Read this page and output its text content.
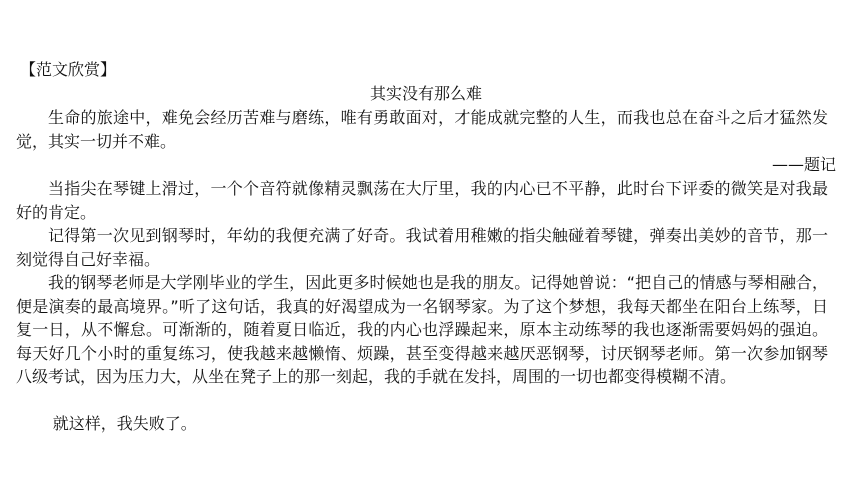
【范文欣赏】
其实没有那么难

生命的旅途中，难免会经历苦难与磨练，唯有勇敢面对，才能成就完整的人生，而我也总在奋斗之后才猛然发觉，其实一切并不难。

——题记

当指尖在琴键上滑过，一个个音符就像精灵飘荡在大厅里，我的内心已不平静，此时台下评委的微笑是对我最好的肯定。

记得第一次见到钢琴时，年幼的我便充满了好奇。我试着用稚嫩的指尖触碰着琴键，弹奏出美妙的音节，那一刻觉得自己好幸福。

我的钢琴老师是大学刚毕业的学生，因此更多时候她也是我的朋友。记得她曾说：“把自己的情感与琴相融合，便是演奏的最高境界。”听了这句话，我真的好渴望成为一名钢琴家。为了这个梦想，我每天都坐在阳台上练琴，日复一日，从不懈怠。可渐渐的，随着夏日临近，我的内心也浮躁起来，原本主动练琴的我也逐渐需要妈妈的强迫。每天好几个小时的重复练习，使我越来越懒惰、烦躁，甚至变得越来越厌恶钢琴，讨厌钢琴老师。第一次参加钢琴八级考试，因为压力大，从坐在凳子上的那一刻起，我的手就在发抖，周围的一切也都变得模糊不清。

就这样，我失败了。
